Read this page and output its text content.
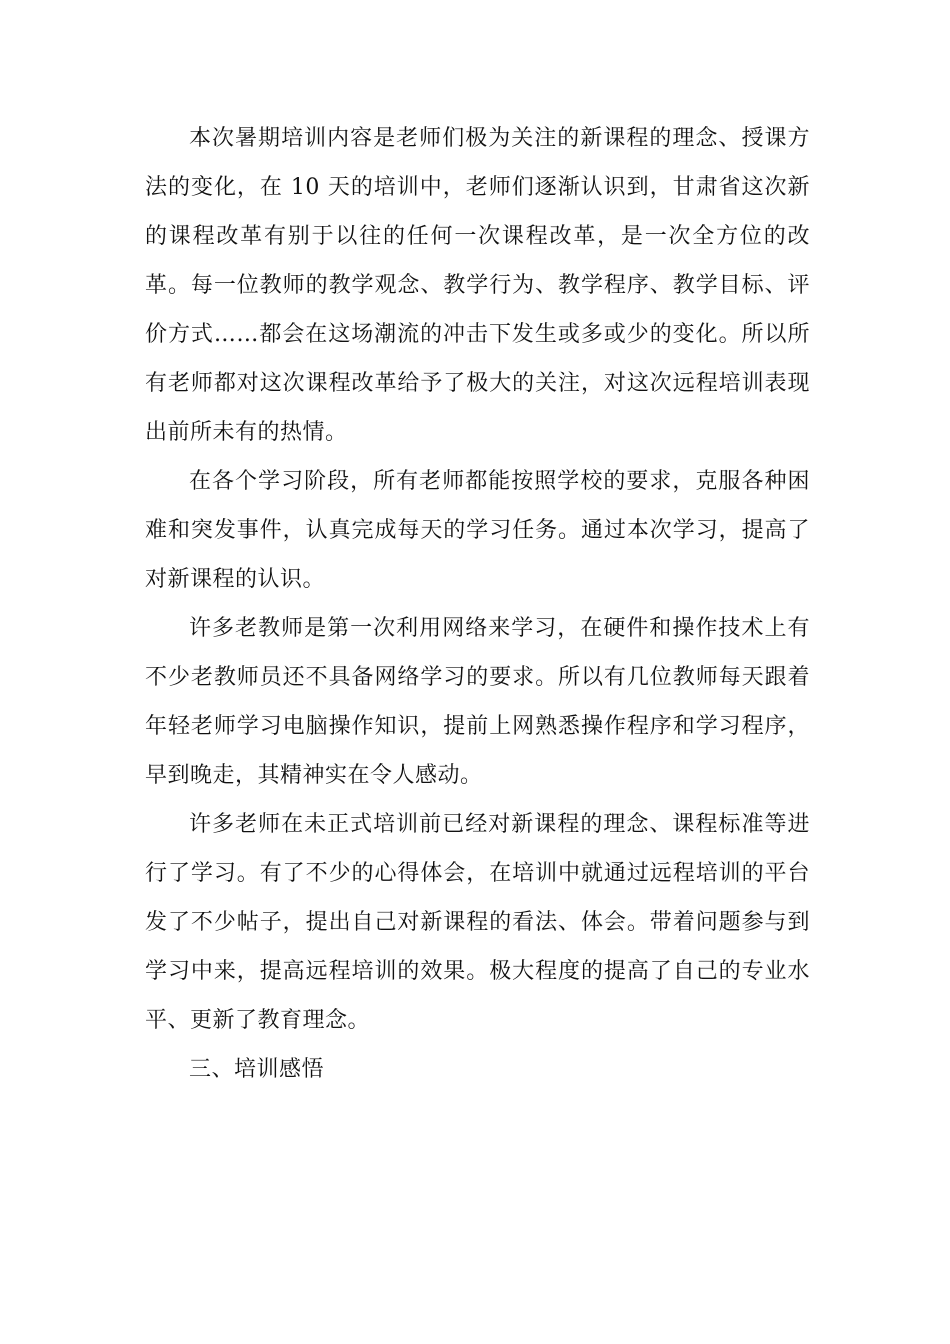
本次暑期培训内容是老师们极为关注的新课程的理念、授课方法的变化，在 10 天的培训中，老师们逐渐认识到，甘肃省这次新的课程改革有别于以往的任何一次课程改革，是一次全方位的改革。每一位教师的教学观念、教学行为、教学程序、教学目标、评价方式……都会在这场潮流的冲击下发生或多或少的变化。所以所有老师都对这次课程改革给予了极大的关注，对这次远程培训表现出前所未有的热情。

在各个学习阶段，所有老师都能按照学校的要求，克服各种困难和突发事件，认真完成每天的学习任务。通过本次学习，提高了对新课程的认识。

许多老教师是第一次利用网络来学习，在硬件和操作技术上有不少老教师员还不具备网络学习的要求。所以有几位教师每天跟着年轻老师学习电脑操作知识，提前上网熟悉操作程序和学习程序，早到晚走，其精神实在令人感动。

许多老师在未正式培训前已经对新课程的理念、课程标准等进行了学习。有了不少的心得体会，在培训中就通过远程培训的平台发了不少帖子，提出自己对新课程的看法、体会。带着问题参与到学习中来，提高远程培训的效果。极大程度的提高了自己的专业水平、更新了教育理念。

三、培训感悟
